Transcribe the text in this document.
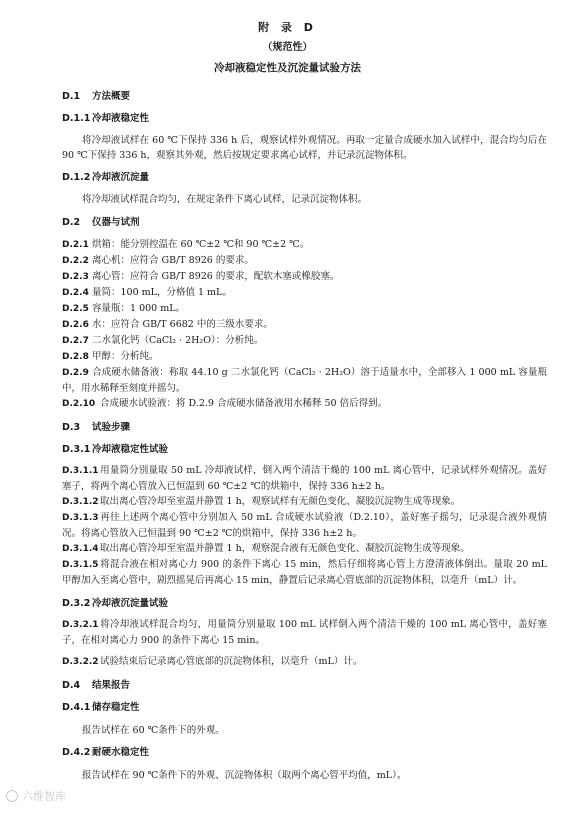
附 录 D
（规范性）
冷却液稳定性及沉淀量试验方法

D.1 方法概要

D.1.1 冷却液稳定性

将冷却液试样在 60 ℃下保持 336 h 后，观察试样外观情况。再取一定量合成硬水加入试样中，混合均匀后在 90 ℃下保持 336 h，观察其外观，然后按规定要求离心试样，并记录沉淀物体积。

D.1.2 冷却液沉淀量

将冷却液试样混合均匀，在规定条件下离心试样，记录沉淀物体积。

D.2 仪器与试剂

D.2.1 烘箱：能分别控温在 60 ℃±2 ℃和 90 ℃±2 ℃。

D.2.2 离心机：应符合 GB/T 8926 的要求。

D.2.3 离心管：应符合 GB/T 8926 的要求，配软木塞或橡胶塞。

D.2.4 量筒：100 mL，分格值 1 mL。

D.2.5 容量瓶：1 000 mL。

D.2.6 水：应符合 GB/T 6682 中的三级水要求。

D.2.7 二水氯化钙（CaCl₂ · 2H₂O）：分析纯。

D.2.8 甲醇：分析纯。

D.2.9 合成硬水储备液：称取 44.10 g 二水氯化钙（CaCl₂ · 2H₂O）溶于适量水中，全部移入 1 000 mL 容量瓶中，用水稀释至刻度并摇匀。

D.2.10 合成硬水试验液：将 D.2.9 合成硬水储备液用水稀释 50 倍后得到。

D.3 试验步骤

D.3.1 冷却液稳定性试验

D.3.1.1用量筒分别量取 50 mL 冷却液试样，倒入两个清洁干燥的 100 mL 离心管中，记录试样外观情况。盖好塞子，将两个离心管放入已恒温到 60 ℃±2 ℃的烘箱中，保持 336 h±2 h。

D.3.1.2取出离心管冷却至室温并静置 1 h，观察试样有无颜色变化、凝胶沉淀物生成等现象。

D.3.1.3再往上述两个离心管中分别加入 50 mL 合成硬水试验液（D.2.10），盖好塞子摇匀，记录混合液外观情况。将离心管放入已恒温到 90 ℃±2 ℃的烘箱中，保持 336 h±2 h。

D.3.1.4取出离心管冷却至室温并静置 1 h，观察混合液有无颜色变化、凝胶沉淀物生成等现象。

D.3.1.5将混合液在相对离心力 900 的条件下离心 15 min，然后仔细将离心管上方澄清液体倒出。量取 20 mL 甲醇加入至离心管中，剧烈摇晃后再离心 15 min，静置后记录离心管底部的沉淀物体积，以毫升（mL）计。

D.3.2 冷却液沉淀量试验

D.3.2.1将冷却液试样混合均匀，用量筒分别量取 100 mL 试样倒入两个清洁干燥的 100 mL 离心管中，盖好塞子，在相对离心力 900 的条件下离心 15 min。

D.3.2.2试验结束后记录离心管底部的沉淀物体积，以毫升（mL）计。

D.4 结果报告

D.4.1 储存稳定性

报告试样在 60 ℃条件下的外观。

D.4.2 耐硬水稳定性

报告试样在 90 ℃条件下的外观、沉淀物体积（取两个离心管平均值，mL）。

六维智库
